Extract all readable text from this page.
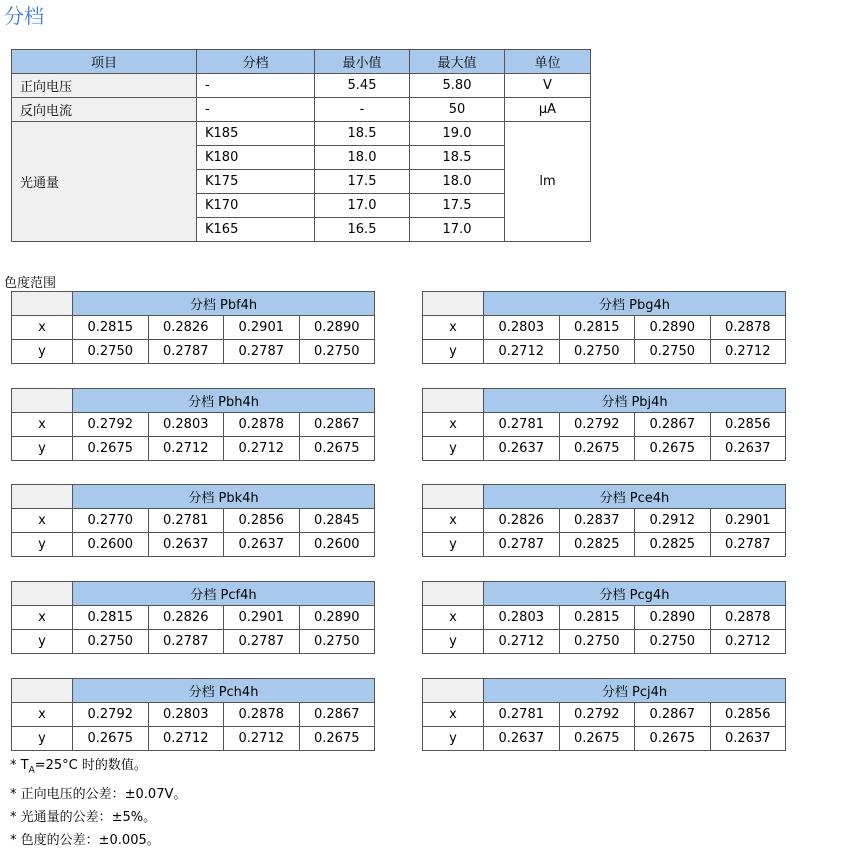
分档
项目	分档	最小值	最大值	单位
正向电压	-	5.45	5.80	V
反向电流	-	-	50	μA
光通量	K185	18.5	19.0	lm
	K180	18.0	18.5	
	K175	17.5	18.0	
	K170	17.0	17.5	
	K165	16.5	17.0	
色度范围
	分档 Pbf4h			
x	0.2815	0.2826	0.2901	0.2890
y	0.2750	0.2787	0.2787	0.2750
	分档 Pbg4h			
x	0.2803	0.2815	0.2890	0.2878
y	0.2712	0.2750	0.2750	0.2712
	分档 Pbh4h			
x	0.2792	0.2803	0.2878	0.2867
y	0.2675	0.2712	0.2712	0.2675
	分档 Pbj4h			
x	0.2781	0.2792	0.2867	0.2856
y	0.2637	0.2675	0.2675	0.2637
	分档 Pbk4h			
x	0.2770	0.2781	0.2856	0.2845
y	0.2600	0.2637	0.2637	0.2600
	分档 Pce4h			
x	0.2826	0.2837	0.2912	0.2901
y	0.2787	0.2825	0.2825	0.2787
	分档 Pcf4h			
x	0.2815	0.2826	0.2901	0.2890
y	0.2750	0.2787	0.2787	0.2750
	分档 Pcg4h			
x	0.2803	0.2815	0.2890	0.2878
y	0.2712	0.2750	0.2750	0.2712
	分档 Pch4h			
x	0.2792	0.2803	0.2878	0.2867
y	0.2675	0.2712	0.2712	0.2675
	分档 Pcj4h			
x	0.2781	0.2792	0.2867	0.2856
y	0.2637	0.2675	0.2675	0.2637
* $T_A=25^\circ C$ 时的数值。
* 正向电压的公差：±0.07V。
* 光通量的公差：±5%。
* 色度的公差：±0.005。
